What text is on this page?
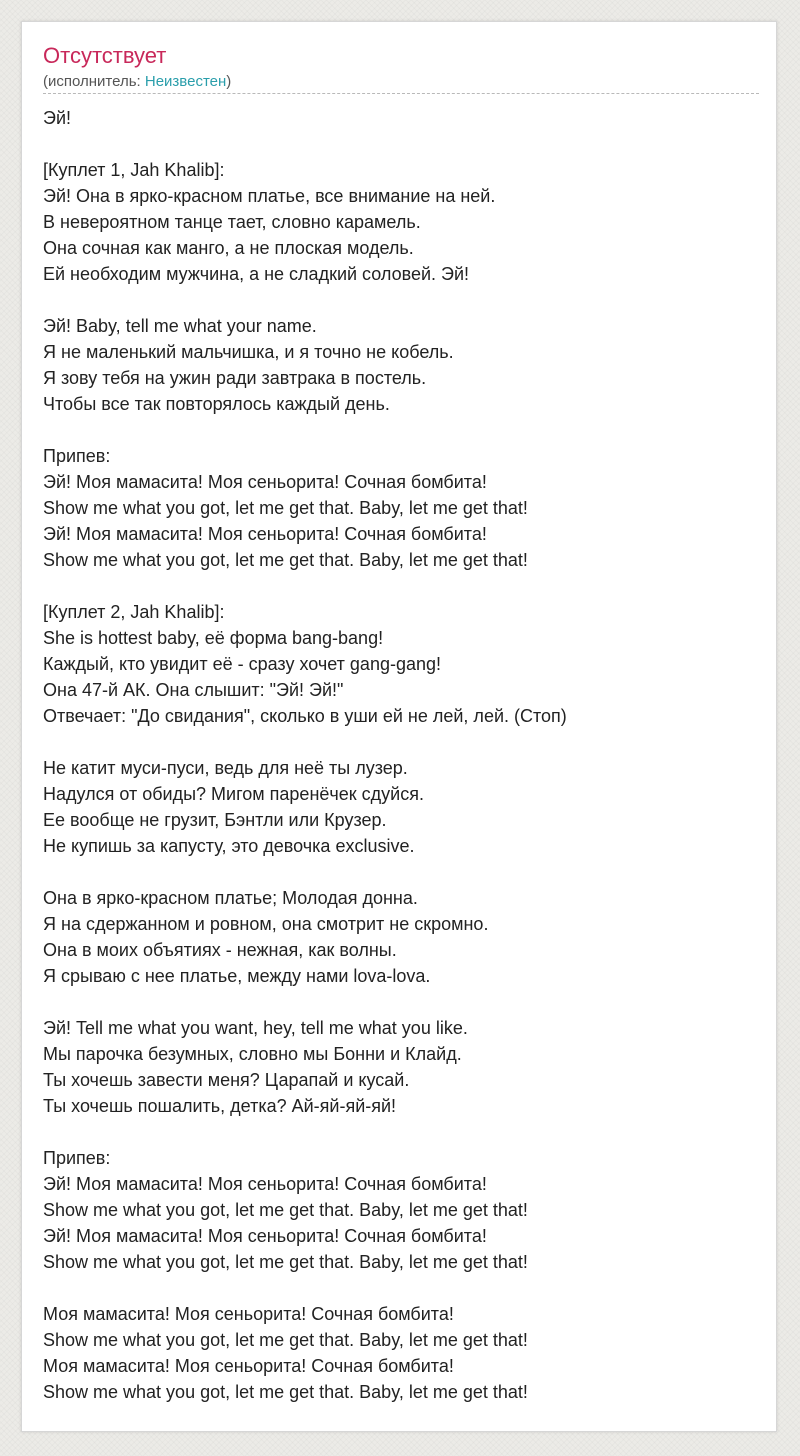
Отсутствует
(исполнитель: Неизвестен)
Эй!
[Куплет 1, Jah Khalib]:
Эй! Она в ярко-красном платье, все внимание на ней.
В невероятном танце тает, словно карамель.
Она сочная как манго, а не плоская модель.
Ей необходим мужчина, а не сладкий соловей. Эй!
Эй! Baby, tell me what your name.
Я не маленький мальчишка, и я точно не кобель.
Я зову тебя на ужин ради завтрака в постель.
Чтобы все так повторялось каждый день.
Припев:
Эй! Моя мамасита! Моя сеньорита! Сочная бомбита!
Show me what you got, let me get that. Baby, let me get that!
Эй! Моя мамасита! Моя сеньорита! Сочная бомбита!
Show me what you got, let me get that. Baby, let me get that!
[Куплет 2, Jah Khalib]:
She is hottest baby, её форма bang-bang!
Каждый, кто увидит её - сразу хочет gang-gang!
Она 47-й АК. Она слышит: "Эй! Эй!"
Отвечает: "До свидания", сколько в уши ей не лей, лей. (Стоп)
Не катит муси-пуси, ведь для неё ты лузер.
Надулся от обиды? Мигом паренёчек сдуйся.
Ее вообще не грузит, Бэнтли или Крузер.
Не купишь за капусту, это девочка exclusive.
Она в ярко-красном платье; Молодая донна.
Я на сдержанном и ровном, она смотрит не скромно.
Она в моих объятиях - нежная, как волны.
Я срываю с нее платье, между нами lova-lova.
Эй! Tell me what you want, hey, tell me what you like.
Мы парочка безумных, словно мы Бонни и Клайд.
Ты хочешь завести меня? Царапай и кусай.
Ты хочешь пошалить, детка? Ай-яй-яй-яй!
Припев:
Эй! Моя мамасита! Моя сеньорита! Сочная бомбита!
Show me what you got, let me get that. Baby, let me get that!
Эй! Моя мамасита! Моя сеньорита! Сочная бомбита!
Show me what you got, let me get that. Baby, let me get that!
Моя мамасита! Моя сеньорита! Сочная бомбита!
Show me what you got, let me get that. Baby, let me get that!
Моя мамасита! Моя сеньорита! Сочная бомбита!
Show me what you got, let me get that. Baby, let me get that!
